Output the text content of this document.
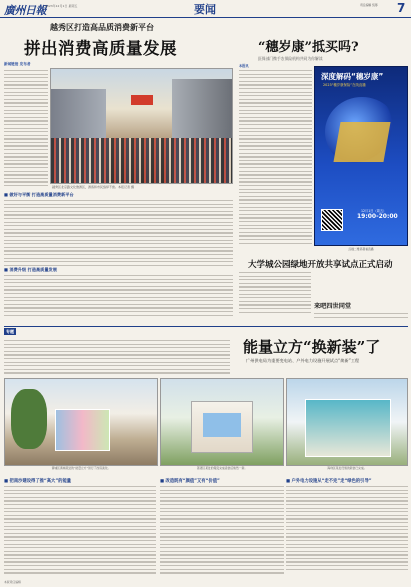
廣州日報 2023年12月1日 星期五	要闻	责任编辑 统筹 7
越秀区打造高品质消费新平台
拼出消费高质量发展
新闻链接 发布者
越秀区北京路文化旅游区，游客和市民络绎不绝。本报记者 摄
■ 做好与平衡 打造高质量消费新平台
■ 消费升级 打造高质量发展
“穗岁康”抵买吗?
医保部门携手农保险机构共同为你解读
本报讯
深度解码“穗岁康”
2023“穗岁康保险”在线直播
12月1日（周五）
19:00-20:00
扫描二维码观看直播
大学城公园绿地开放共享试点正式启动
来吧四世同堂
专题
能量立方“换新装”了
广州供电局为重要变电站、户外电力设施开展试点“焕新”工程
黄埔区黄埔某处的“能量立方”进行了改造美化。	荔湾区某处的箱变完成涂装后焕然一新。	海珠区某处设施的新装已完成。
■ 把南沙建设得了推“高大”的能量	■ 改造既有“颜值”又有“价值”	■ 户外电力设施从“走不完”走“绿色的引导”
本版责任编辑
